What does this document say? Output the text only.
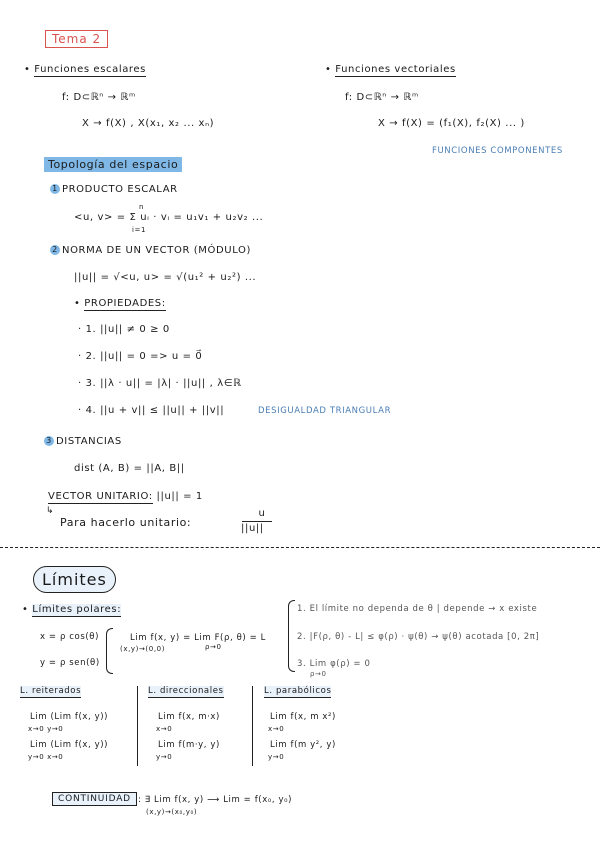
Tema 2
• Funciones escalares
f: D⊂ℝⁿ → ℝᵐ
X → f(X) , X(x₁, x₂ ... xₙ)
• Funciones vectoriales
f: D⊂ℝⁿ → ℝᵐ
X → f(X) = (f₁(X), f₂(X) ... )
FUNCIONES COMPONENTES
Topología del espacio
1 PRODUCTO ESCALAR
n
<u, v> = Σ uᵢ · vᵢ = u₁v₁ + u₂v₂ ...
i=1
2 NORMA DE UN VECTOR (MÓDULO)
||u|| = √<u, u> = √(u₁² + u₂²) ...
• PROPIEDADES:
· 1. ||u|| ≠ 0 ≥ 0
· 2. ||u|| = 0 => u = 0⃗
· 3. ||λ · u|| = |λ| · ||u|| , λ∈ℝ
· 4. ||u + v|| ≤ ||u|| + ||v||	DESIGUALDAD TRIANGULAR
3 DISTANCIAS
dist (A, B) = ||A, B||
VECTOR UNITARIO: ||u|| = 1
↳
Para hacerlo unitario:
u
||u||
Límites
• Límites polares:
x = ρ cos(θ)
y = ρ sen(θ)
Lim f(x, y) = Lim F(ρ, θ) = L
(x,y)→(0,0)	ρ→0
1. El límite no dependa de θ | depende → x existe
2. |F(ρ, θ) - L| ≤ φ(ρ) · ψ(θ) → ψ(θ) acotada [0, 2π]
3. Lim φ(ρ) = 0
ρ→0
L. reiterados
Lim (Lim f(x, y))
x→0 y→0
Lim (Lim f(x, y))
y→0 x→0
L. direccionales
Lim f(x, m·x)
x→0
Lim f(m·y, y)
y→0
L. parabólicos
Lim f(x, m x²)
x→0
Lim f(m y², y)
y→0
CONTINUIDAD : ∃ Lim f(x, y) ⟶ Lim = f(x₀, y₀)
(x,y)→(x₀,y₀)
